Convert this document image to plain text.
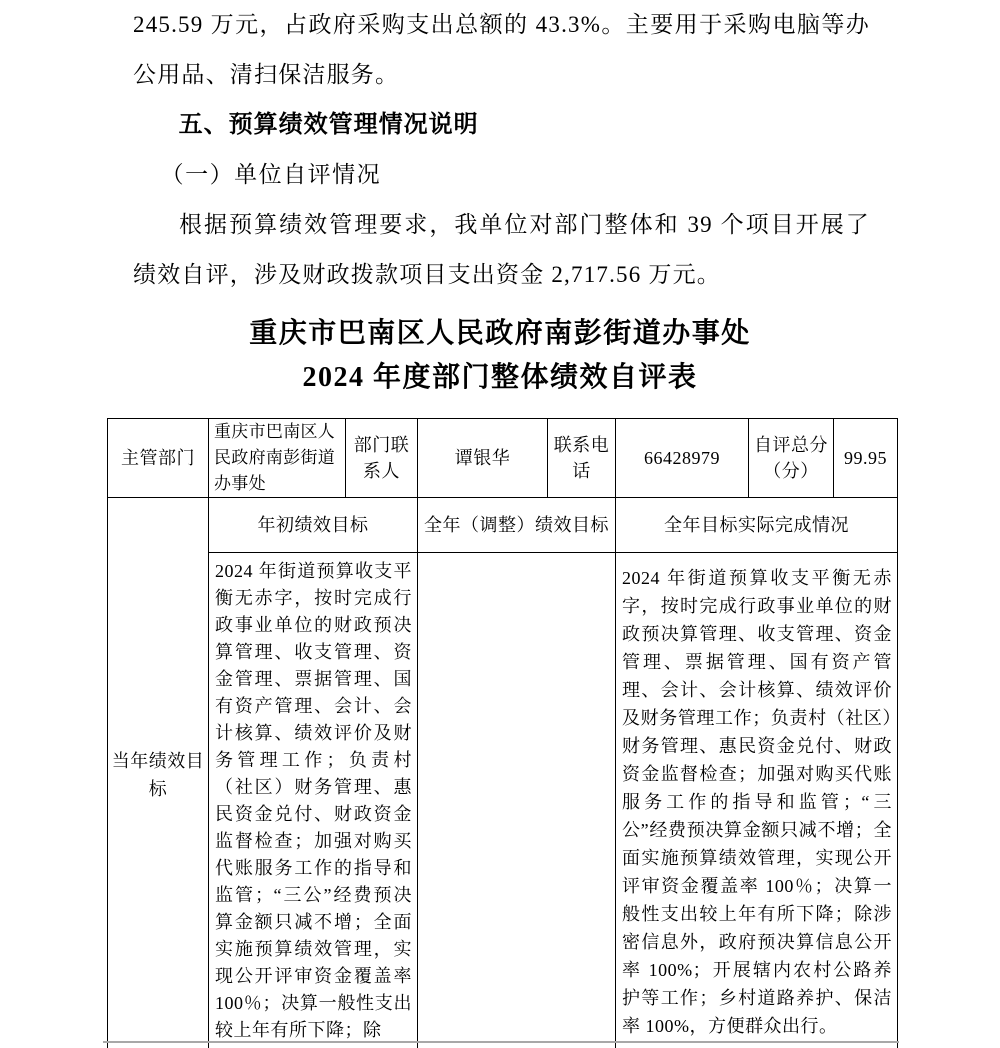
245.59 万元，占政府采购支出总额的 43.3%。主要用于采购电脑等办公用品、清扫保洁服务。

五、预算绩效管理情况说明

（一）单位自评情况

根据预算绩效管理要求，我单位对部门整体和 39 个项目开展了绩效自评，涉及财政拨款项目支出资金 2,717.56 万元。

重庆市巴南区人民政府南彭街道办事处
2024 年度部门整体绩效自评表
主管部门	重庆市巴南区人民政府南彭街道办事处	部门联系人	谭银华	联系电话	66428979	自评总分（分）	99.95
当年绩效目标	年初绩效目标		全年（调整）绩效目标		全年目标实际完成情况		
	2024 年街道预算收支平衡无赤字，按时完成行政事业单位的财政预决算管理、收支管理、资金管理、票据管理、国有资产管理、会计、会计核算、绩效评价及财务管理工作；负责村（社区）财务管理、惠民资金兑付、财政资金监督检查；加强对购买代账服务工作的指导和监管；“三公”经费预决算金额只减不增；全面实施预算绩效管理，实现公开评审资金覆盖率 100％；决算一般性支出较上年有所下降；除				2024 年街道预算收支平衡无赤字，按时完成行政事业单位的财政预决算管理、收支管理、资金管理、票据管理、国有资产管理、会计、会计核算、绩效评价及财务管理工作；负责村（社区）财务管理、惠民资金兑付、财政资金监督检查；加强对购买代账服务工作的指导和监管；“三公”经费预决算金额只减不增；全面实施预算绩效管理，实现公开评审资金覆盖率 100％；决算一般性支出较上年有所下降；除涉密信息外，政府预决算信息公开率 100%；开展辖内农村公路养护等工作；乡村道路养护、保洁率 100%，方便群众出行。		
